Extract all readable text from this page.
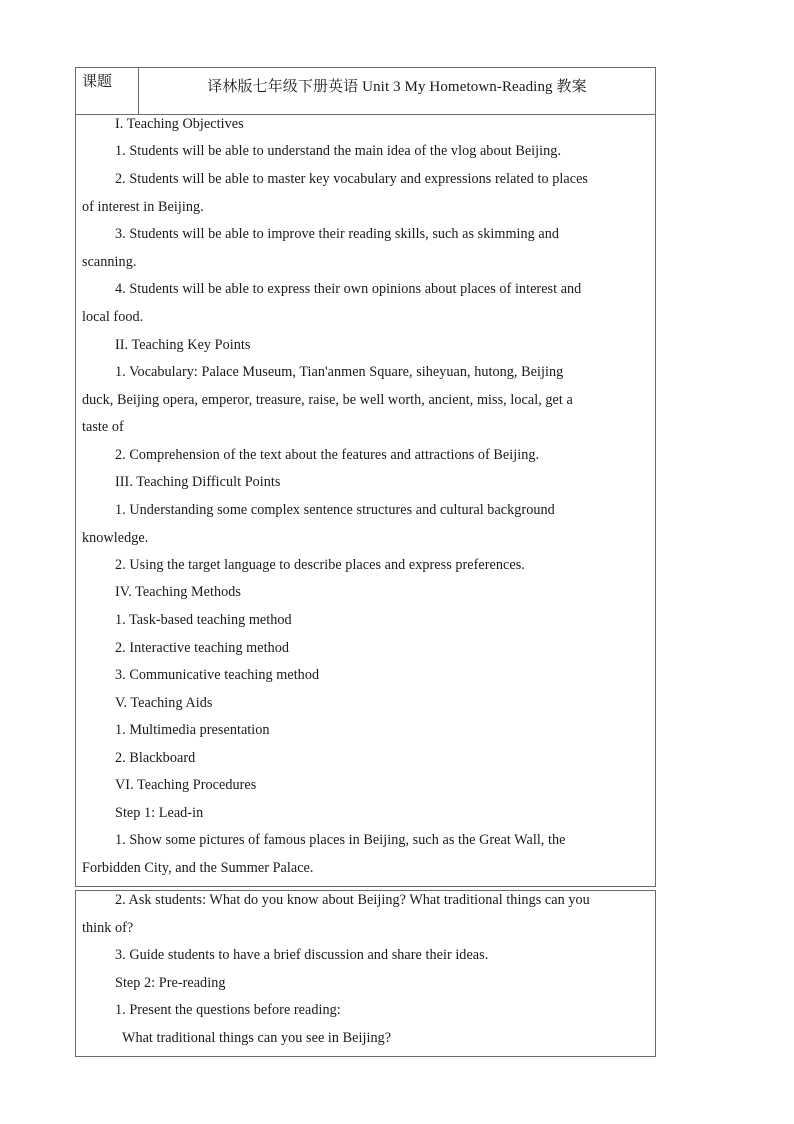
课题	译林版七年级下册英语 Unit 3 My Hometown-Reading 教案
I. Teaching Objectives
1. Students will be able to understand the main idea of the vlog about Beijing.
2. Students will be able to master key vocabulary and expressions related to places
of interest in Beijing.
3. Students will be able to improve their reading skills, such as skimming and
scanning.
4. Students will be able to express their own opinions about places of interest and
local food.
II. Teaching Key Points
1. Vocabulary: Palace Museum, Tian'anmen Square, siheyuan, hutong, Beijing
duck, Beijing opera, emperor, treasure, raise, be well worth, ancient, miss, local, get a
taste of
2. Comprehension of the text about the features and attractions of Beijing.
III. Teaching Difficult Points
1. Understanding some complex sentence structures and cultural background
knowledge.
2. Using the target language to describe places and express preferences.
IV. Teaching Methods
1. Task-based teaching method
2. Interactive teaching method
3. Communicative teaching method
V. Teaching Aids
1. Multimedia presentation
2. Blackboard
VI. Teaching Procedures
Step 1: Lead-in
1. Show some pictures of famous places in Beijing, such as the Great Wall, the
Forbidden City, and the Summer Palace.
2. Ask students: What do you know about Beijing? What traditional things can you
think of?
3. Guide students to have a brief discussion and share their ideas.
Step 2: Pre-reading
1. Present the questions before reading:
What traditional things can you see in Beijing?
